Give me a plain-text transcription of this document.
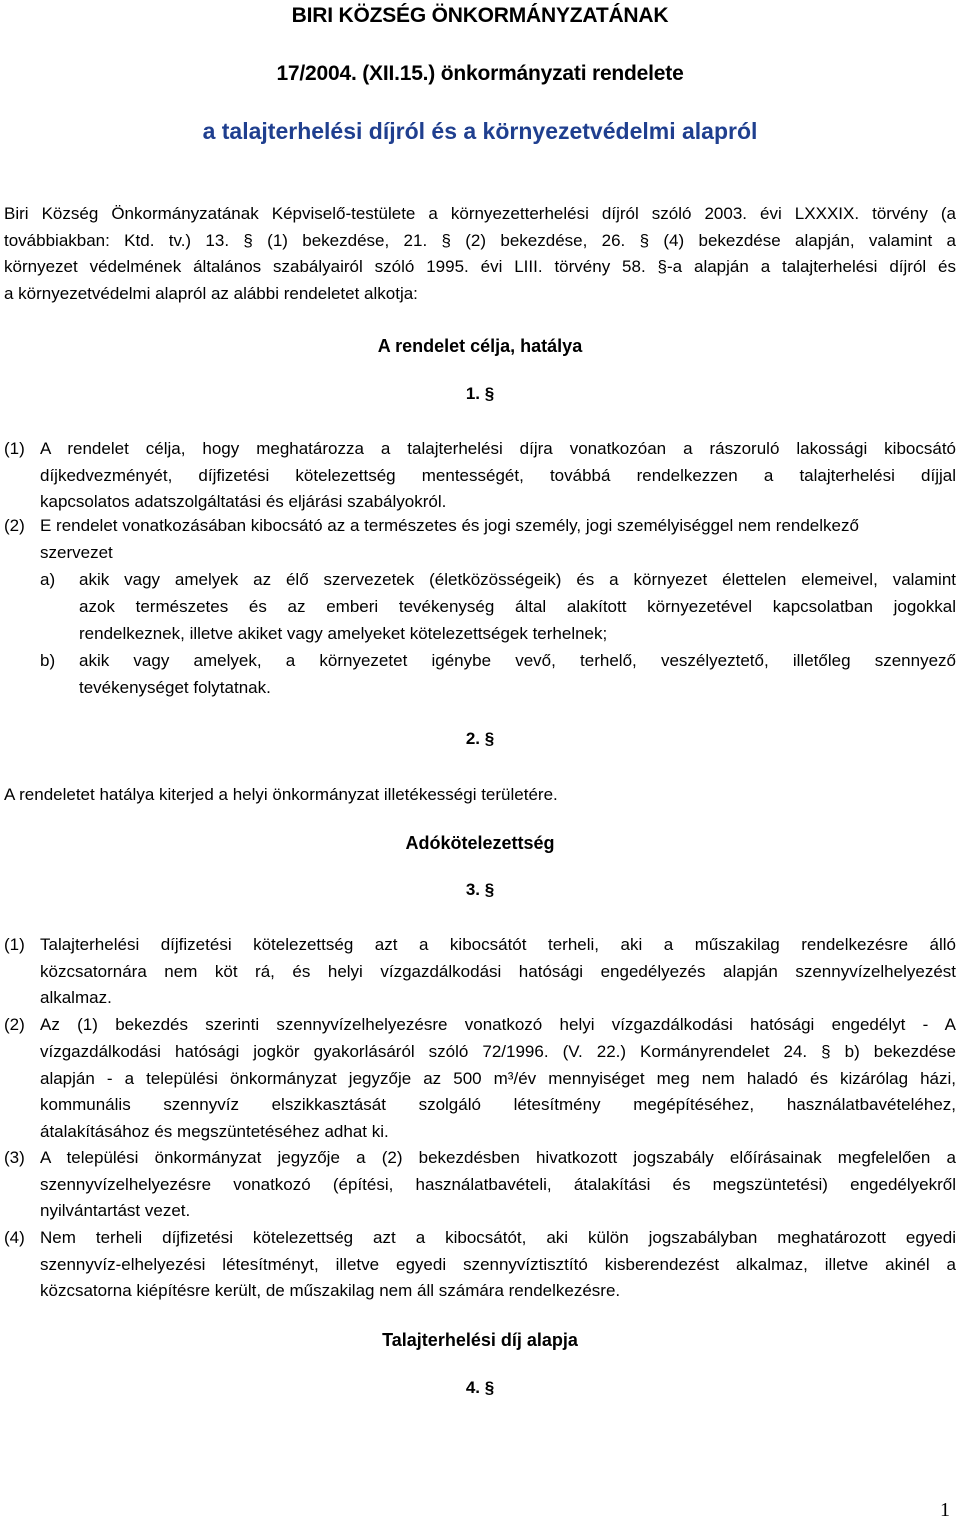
BIRI KÖZSÉG ÖNKORMÁNYZATÁNAK

17/2004. (XII.15.) önkormányzati rendelete

a talajterhelési díjról és a környezetvédelmi alapról

Biri Község Önkormányzatának Képviselő-testülete a környezetterhelési díjról szóló 2003. évi LXXXIX. törvény (a

továbbiakban: Ktd. tv.) 13. § (1) bekezdése, 21. § (2) bekezdése, 26. § (4) bekezdése alapján, valamint a

környezet védelmének általános szabályairól szóló 1995. évi LIII. törvény 58. §-a alapján a talajterhelési díjról és

a környezetvédelmi alapról az alábbi rendeletet alkotja:

A rendelet célja, hatálya

1. §

(1) A rendelet célja, hogy meghatározza a talajterhelési díjra vonatkozóan a rászoruló lakossági kibocsátó

díjkedvezményét, díjfizetési kötelezettség mentességét, továbbá rendelkezzen a talajterhelési díjjal

kapcsolatos adatszolgáltatási és eljárási szabályokról.

(2) E rendelet vonatkozásában kibocsátó az a természetes és jogi személy, jogi személyiséggel nem rendelkező

szervezet

a) akik vagy amelyek az élő szervezetek (életközösségeik) és a környezet élettelen elemeivel, valamint

azok természetes és az emberi tevékenység által alakított környezetével kapcsolatban jogokkal

rendelkeznek, illetve akiket vagy amelyeket kötelezettségek terhelnek;

b) akik vagy amelyek, a környezetet igénybe vevő, terhelő, veszélyeztető, illetőleg szennyező

tevékenységet folytatnak.

2. §

A rendeletet hatálya kiterjed a helyi önkormányzat illetékességi területére.

Adókötelezettség

3. §

(1) Talajterhelési díjfizetési kötelezettség azt a kibocsátót terheli, aki a műszakilag rendelkezésre álló

közcsatornára nem köt rá, és helyi vízgazdálkodási hatósági engedélyezés alapján szennyvízelhelyezést

alkalmaz.

(2) Az (1) bekezdés szerinti szennyvízelhelyezésre vonatkozó helyi vízgazdálkodási hatósági engedélyt - A

vízgazdálkodási hatósági jogkör gyakorlásáról szóló 72/1996. (V. 22.) Kormányrendelet 24. § b) bekezdése

alapján - a települési önkormányzat jegyzője az 500 m³/év mennyiséget meg nem haladó és kizárólag házi,

kommunális szennyvíz elszikkasztását szolgáló létesítmény megépítéséhez, használatbavételéhez,

átalakításához és megszüntetéséhez adhat ki.

(3) A települési önkormányzat jegyzője a (2) bekezdésben hivatkozott jogszabály előírásainak megfelelően a

szennyvízelhelyezésre vonatkozó (építési, használatbavételi, átalakítási és megszüntetési) engedélyekről

nyilvántartást vezet.

(4) Nem terheli díjfizetési kötelezettség azt a kibocsátót, aki külön jogszabályban meghatározott egyedi

szennyvíz-elhelyezési létesítményt, illetve egyedi szennyvíztisztító kisberendezést alkalmaz, illetve akinél a

közcsatorna kiépítésre került, de műszakilag nem áll számára rendelkezésre.

Talajterhelési díj alapja

4. §

1
